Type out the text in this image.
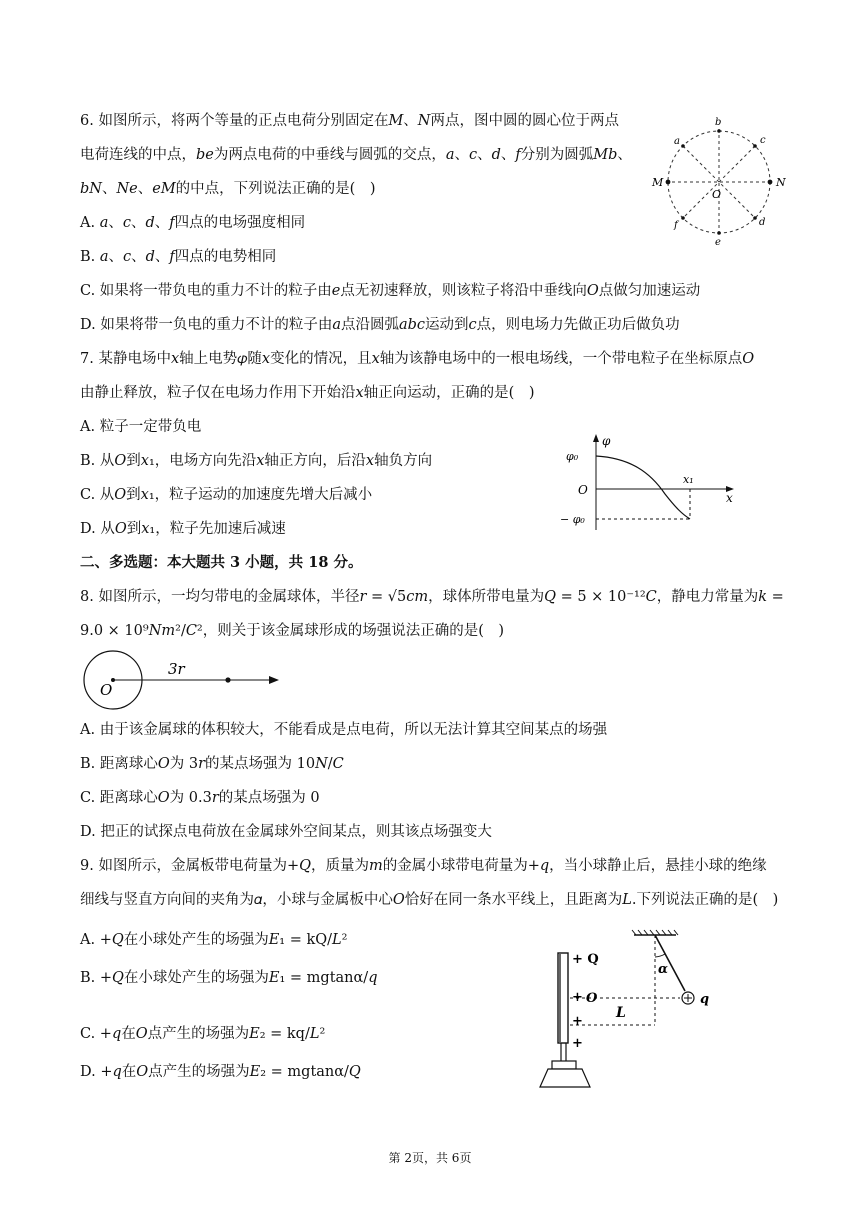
6. 如图所示，将两个等量的正点电荷分别固定在𝑀、𝑁两点，图中圆的圆心位于两点
电荷连线的中点，𝑏𝑒为两点电荷的中垂线与圆弧的交点，𝑎、𝑐、𝑑、𝑓分别为圆弧𝑀𝑏、
𝑏𝑁、𝑁𝑒、𝑒𝑀的中点，下列说法正确的是(　)
A. 𝑎、𝑐、𝑑、𝑓四点的电场强度相同
B. 𝑎、𝑐、𝑑、𝑓四点的电势相同
C. 如果将一带负电的重力不计的粒子由𝑒点无初速释放，则该粒子将沿中垂线向𝑂点做匀加速运动
D. 如果将带一负电的重力不计的粒子由𝑎点沿圆弧𝑎𝑏𝑐运动到𝑐点，则电场力先做正功后做负功
b
a	c
M	N
O
f	d
e
7. 某静电场中𝑥轴上电势𝜑随𝑥变化的情况，且𝑥轴为该静电场中的一根电场线，一个带电粒子在坐标原点𝑂
由静止释放，粒子仅在电场力作用下开始沿𝑥轴正向运动，正确的是(　)
A. 粒子一定带负电
B. 从𝑂到𝑥₁，电场方向先沿𝑥轴正方向，后沿𝑥轴负方向
C. 从𝑂到𝑥₁，粒子运动的加速度先增大后减小
D. 从𝑂到𝑥₁，粒子先加速后减速
φ
φ₀
O
− φ₀
x₁
x
二、多选题：本大题共 3 小题，共 18 分。
8. 如图所示，一均匀带电的金属球体，半径𝑟 = √5𝑐𝑚，球体所带电量为𝑄 = 5 × 10⁻¹²𝐶，静电力常量为𝑘 =
9.0 × 10⁹𝑁𝑚²/𝐶²，则关于该金属球形成的场强说法正确的是(　)
O
3r
A. 由于该金属球的体积较大，不能看成是点电荷，所以无法计算其空间某点的场强
B. 距离球心𝑂为 3𝑟的某点场强为 10𝑁/𝐶
C. 距离球心𝑂为 0.3𝑟的某点场强为 0
D. 把正的试探点电荷放在金属球外空间某点，则其该点场强变大
9. 如图所示，金属板带电荷量为+𝑄，质量为𝑚的金属小球带电荷量为+𝑞，当小球静止后，悬挂小球的绝缘
细线与竖直方向间的夹角为𝛼，小球与金属板中心𝑂恰好在同一条水平线上，且距离为𝐿.下列说法正确的是(　)
A. +𝑄在小球处产生的场强为𝐸₁ = kQ/𝐿²
B. +𝑄在小球处产生的场强为𝐸₁ = mgtanα/𝑞
C. +𝑞在𝑂点产生的场强为𝐸₂ = kq/𝐿²
D. +𝑞在𝑂点产生的场强为𝐸₂ = mgtanα/𝑄
+ Q
+ O
+
+
L
α
q
第 2页，共 6页
